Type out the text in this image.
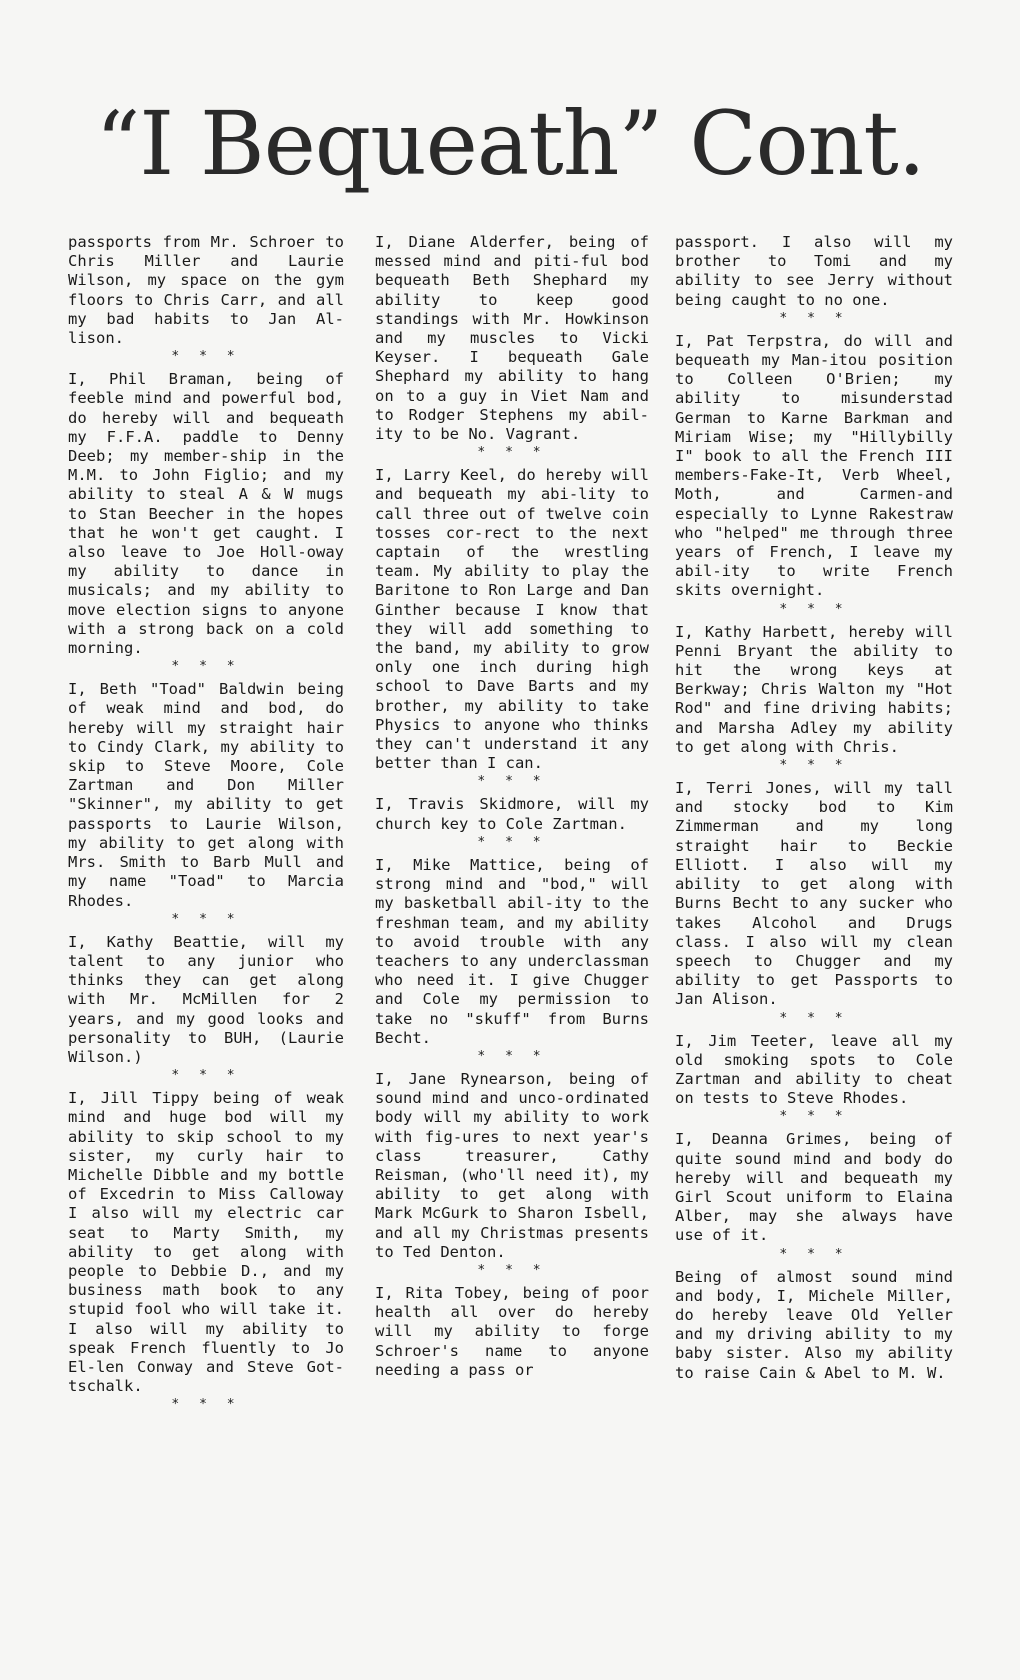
“I Bequeath” Cont.

passports from Mr. Schroer to Chris Miller and Laurie Wilson, my space on the gym floors to Chris Carr, and all my bad habits to Jan Al-lison.

* * *

I, Phil Braman, being of feeble mind and powerful bod, do hereby will and bequeath my F.F.A. paddle to Denny Deeb; my member-ship in the M.M. to John Figlio; and my ability to steal A & W mugs to Stan Beecher in the hopes that he won't get caught. I also leave to Joe Holl-oway my ability to dance in musicals; and my ability to move election signs to anyone with a strong back on a cold morning.

* * *

I, Beth "Toad" Baldwin being of weak mind and bod, do hereby will my straight hair to Cindy Clark, my ability to skip to Steve Moore, Cole Zartman and Don Miller "Skinner", my ability to get passports to Laurie Wilson, my ability to get along with Mrs. Smith to Barb Mull and my name "Toad" to Marcia Rhodes.

* * *

I, Kathy Beattie, will my talent to any junior who thinks they can get along with Mr. McMillen for 2 years, and my good looks and personality to BUH, (Laurie Wilson.)

* * *

I, Jill Tippy being of weak mind and huge bod will my ability to skip school to my sister, my curly hair to Michelle Dibble and my bottle of Excedrin to Miss Calloway I also will my electric car seat to Marty Smith, my ability to get along with people to Debbie D., and my business math book to any stupid fool who will take it. I also will my ability to speak French fluently to Jo El-len Conway and Steve Got-tschalk.

* * *

I, Diane Alderfer, being of messed mind and piti-ful bod bequeath Beth Shephard my ability to keep good standings with Mr. Howkinson and my muscles to Vicki Keyser. I bequeath Gale Shephard my ability to hang on to a guy in Viet Nam and to Rodger Stephens my abil-ity to be No. Vagrant.

* * *

I, Larry Keel, do hereby will and bequeath my abi-lity to call three out of twelve coin tosses cor-rect to the next captain of the wrestling team. My ability to play the Baritone to Ron Large and Dan Ginther because I know that they will add something to the band, my ability to grow only one inch during high school to Dave Barts and my brother, my ability to take Physics to anyone who thinks they can't understand it any better than I can.

* * *

I, Travis Skidmore, will my church key to Cole Zartman.

* * *

I, Mike Mattice, being of strong mind and "bod," will my basketball abil-ity to the freshman team, and my ability to avoid trouble with any teachers to any underclassman who need it. I give Chugger and Cole my permission to take no "skuff" from Burns Becht.

* * *

I, Jane Rynearson, being of sound mind and unco-ordinated body will my ability to work with fig-ures to next year's class treasurer, Cathy Reisman, (who'll need it), my ability to get along with Mark McGurk to Sharon Isbell, and all my Christmas presents to Ted Denton.

* * *

I, Rita Tobey, being of poor health all over do hereby will my ability to forge Schroer's name to anyone needing a pass or

passport. I also will my brother to Tomi and my ability to see Jerry without being caught to no one.

* * *

I, Pat Terpstra, do will and bequeath my Man-itou position to Colleen O'Brien; my ability to misunderstad German to Karne Barkman and Miriam Wise; my "Hillybilly I" book to all the French III members-Fake-It, Verb Wheel, Moth, and Carmen-and especially to Lynne Rakestraw who "helped" me through three years of French, I leave my abil-ity to write French skits overnight.

* * *

I, Kathy Harbett, hereby will Penni Bryant the ability to hit the wrong keys at Berkway; Chris Walton my "Hot Rod" and fine driving habits; and Marsha Adley my ability to get along with Chris.

* * *

I, Terri Jones, will my tall and stocky bod to Kim Zimmerman and my long straight hair to Beckie Elliott. I also will my ability to get along with Burns Becht to any sucker who takes Alcohol and Drugs class. I also will my clean speech to Chugger and my ability to get Passports to Jan Alison.

* * *

I, Jim Teeter, leave all my old smoking spots to Cole Zartman and ability to cheat on tests to Steve Rhodes.

* * *

I, Deanna Grimes, being of quite sound mind and body do hereby will and bequeath my Girl Scout uniform to Elaina Alber, may she always have use of it.

* * *

Being of almost sound mind and body, I, Michele Miller, do hereby leave Old Yeller and my driving ability to my baby sister. Also my ability to raise Cain & Abel to M. W.
